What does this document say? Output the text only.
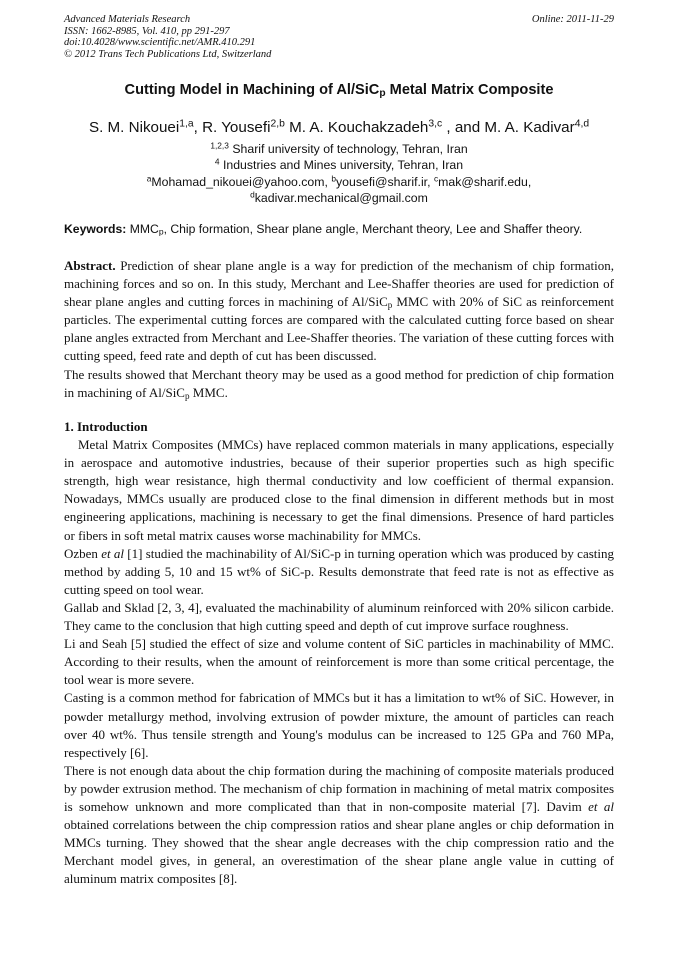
Advanced Materials Research
ISSN: 1662-8985, Vol. 410, pp 291-297
doi:10.4028/www.scientific.net/AMR.410.291
© 2012 Trans Tech Publications Ltd, Switzerland
Online: 2011-11-29
Cutting Model in Machining of Al/SiC$_p$ Metal Matrix Composite
S. M. Nikouei$^{1,a}$, R. Yousefi$^{2,b}$ M. A. Kouchakzadeh$^{3,c}$ , and M. A. Kadivar$^{4,d}$
$^{1,2,3}$ Sharif university of technology, Tehran, Iran
$^4$ Industries and Mines university, Tehran, Iran
$^a$Mohamad_nikouei@yahoo.com, $^b$yousefi@sharif.ir, $^c$mak@sharif.edu,
$^d$kadivar.mechanical@gmail.com
Keywords: $MMC_p$, Chip formation, Shear plane angle, Merchant theory, Lee and Shaffer theory.

Abstract. Prediction of shear plane angle is a way for prediction of the mechanism of chip formation, machining forces and so on. In this study, Merchant and Lee-Shaffer theories are used for prediction of shear plane angles and cutting forces in machining of Al/SiC$_p$ MMC with 20% of SiC as reinforcement particles. The experimental cutting forces are compared with the calculated cutting force based on shear plane angles extracted from Merchant and Lee-Shaffer theories. The variation of these cutting forces with cutting speed, feed rate and depth of cut has been discussed.

The results showed that Merchant theory may be used as a good method for prediction of chip formation in machining of Al/SiC$_p$ MMC.

1. Introduction

Metal Matrix Composites (MMCs) have replaced common materials in many applications, especially in aerospace and automotive industries, because of their superior properties such as high specific strength, high wear resistance, high thermal conductivity and low coefficient of thermal expansion. Nowadays, MMCs usually are produced close to the final dimension in different methods but in most engineering applications, machining is necessary to get the final dimensions. Presence of hard particles or fibers in soft metal matrix causes worse machinability for MMCs.

Ozben et al [1] studied the machinability of Al/SiC-p in turning operation which was produced by casting method by adding 5, 10 and 15 wt% of SiC-p. Results demonstrate that feed rate is not as effective as cutting speed on tool wear.

Gallab and Sklad [2, 3, 4], evaluated the machinability of aluminum reinforced with 20% silicon carbide. They came to the conclusion that high cutting speed and depth of cut improve surface roughness.

Li and Seah [5] studied the effect of size and volume content of SiC particles in machinability of MMC. According to their results, when the amount of reinforcement is more than some critical percentage, the tool wear is more severe.

Casting is a common method for fabrication of MMCs but it has a limitation to wt% of SiC. However, in powder metallurgy method, involving extrusion of powder mixture, the amount of particles can reach over 40 wt%. Thus tensile strength and Young's modulus can be increased to 125 GPa and 760 MPa, respectively [6].

There is not enough data about the chip formation during the machining of composite materials produced by powder extrusion method. The mechanism of chip formation in machining of metal matrix composites is somehow unknown and more complicated than that in non-composite material [7]. Davim et al obtained correlations between the chip compression ratios and shear plane angles or chip deformation in MMCs turning. They showed that the shear angle decreases with the chip compression ratio and the Merchant model gives, in general, an overestimation of the shear plane angle value in cutting of aluminum matrix composites [8].
